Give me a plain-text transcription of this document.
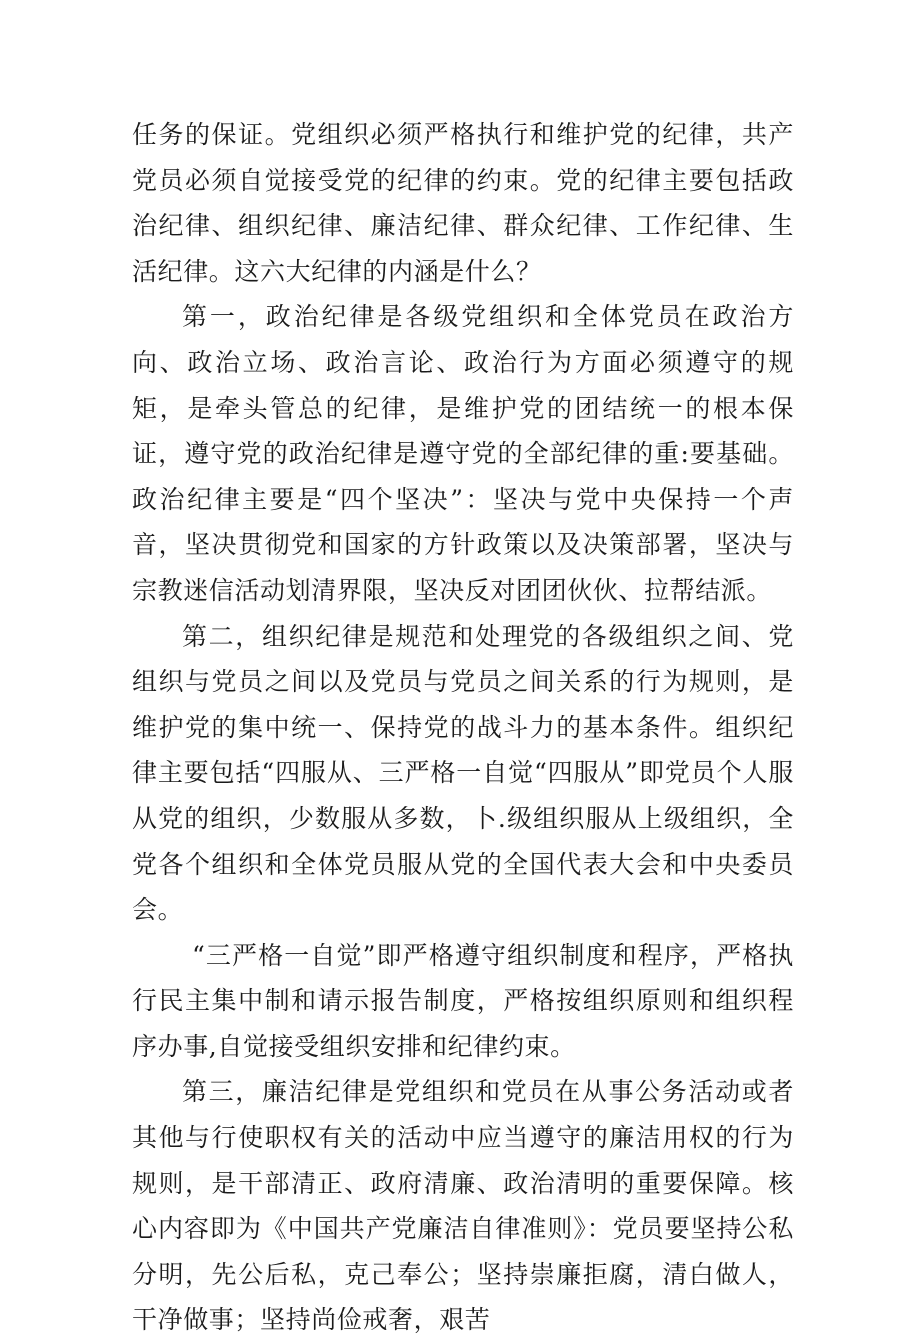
任务的保证。党组织必须严格执行和维护党的纪律，共产党员必须自觉接受党的纪律的约束。党的纪律主要包括政治纪律、组织纪律、廉洁纪律、群众纪律、工作纪律、生活纪律。这六大纪律的内涵是什么？

第一，政治纪律是各级党组织和全体党员在政治方向、政治立场、政治言论、政治行为方面必须遵守的规矩，是牵头管总的纪律，是维护党的团结统一的根本保证，遵守党的政治纪律是遵守党的全部纪律的重:要基础。政治纪律主要是“四个坚决”：坚决与党中央保持一个声音，坚决贯彻党和国家的方针政策以及决策部署，坚决与宗教迷信活动划清界限，坚决反对团团伙伙、拉帮结派。

第二，组织纪律是规范和处理党的各级组织之间、党组织与党员之间以及党员与党员之间关系的行为规则，是维护党的集中统一、保持党的战斗力的基本条件。组织纪律主要包括“四服从、三严格一自觉“四服从”即党员个人服从党的组织，少数服从多数，卜.级组织服从上级组织，全党各个组织和全体党员服从党的全国代表大会和中央委员会。

“三严格一自觉”即严格遵守组织制度和程序，严格执行民主集中制和请示报告制度，严格按组织原则和组织程序办事,自觉接受组织安排和纪律约束。

第三，廉洁纪律是党组织和党员在从事公务活动或者其他与行使职权有关的活动中应当遵守的廉洁用权的行为规则，是干部清正、政府清廉、政治清明的重要保障。核心内容即为《中国共产党廉洁自律准则》：党员要坚持公私分明，先公后私，克己奉公；坚持崇廉拒腐，清白做人，干净做事；坚持尚俭戒奢，艰苦
